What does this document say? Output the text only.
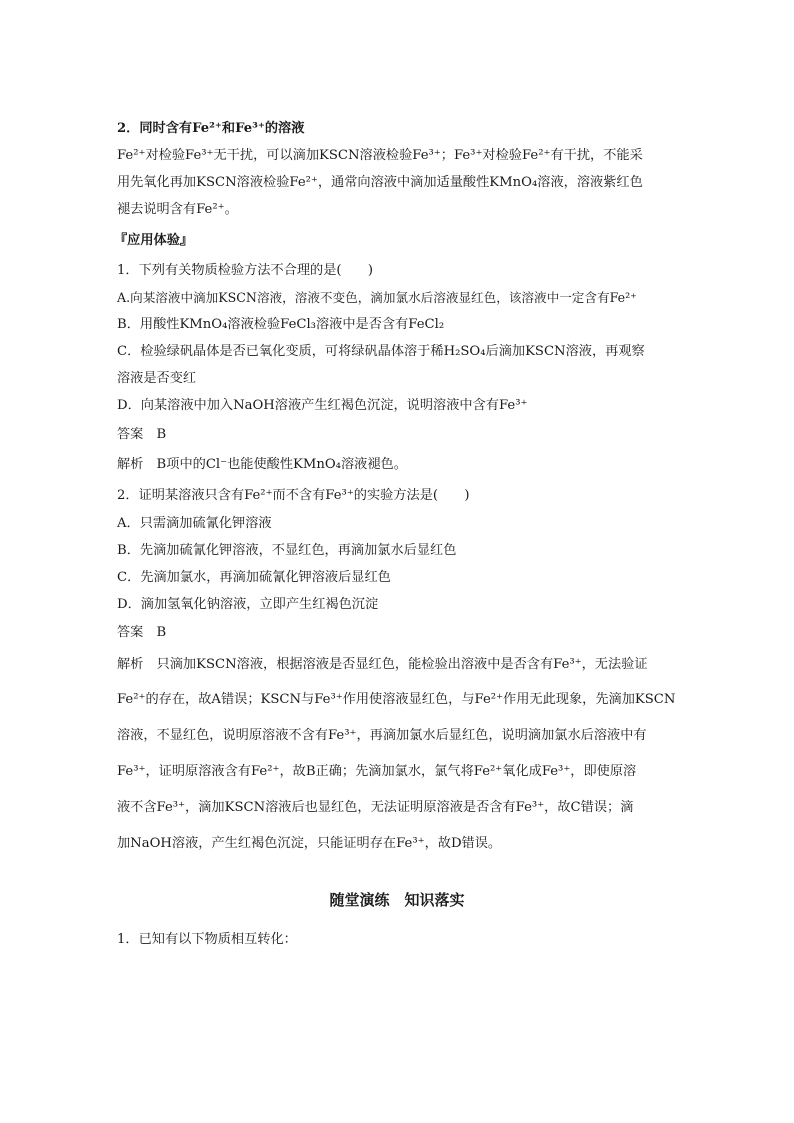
2．同时含有Fe²⁺和Fe³⁺的溶液
Fe²⁺对检验Fe³⁺无干扰，可以滴加KSCN溶液检验Fe³⁺；Fe³⁺对检验Fe²⁺有干扰，不能采
用先氧化再加KSCN溶液检验Fe²⁺，通常向溶液中滴加适量酸性KMnO₄溶液，溶液紫红色
褪去说明含有Fe²⁺。
『应用体验』
1．下列有关物质检验方法不合理的是(　　)
A.向某溶液中滴加KSCN溶液，溶液不变色，滴加氯水后溶液显红色，该溶液中一定含有Fe²⁺
B．用酸性KMnO₄溶液检验FeCl₃溶液中是否含有FeCl₂
C．检验绿矾晶体是否已氧化变质，可将绿矾晶体溶于稀H₂SO₄后滴加KSCN溶液，再观察
溶液是否变红
D．向某溶液中加入NaOH溶液产生红褐色沉淀，说明溶液中含有Fe³⁺
答案　B
解析　B项中的Cl⁻也能使酸性KMnO₄溶液褪色。
2．证明某溶液只含有Fe²⁺而不含有Fe³⁺的实验方法是(　　)
A．只需滴加硫氰化钾溶液
B．先滴加硫氰化钾溶液，不显红色，再滴加氯水后显红色
C．先滴加氯水，再滴加硫氰化钾溶液后显红色
D．滴加氢氧化钠溶液，立即产生红褐色沉淀
答案　B
解析　只滴加KSCN溶液，根据溶液是否显红色，能检验出溶液中是否含有Fe³⁺，无法验证
Fe²⁺的存在，故A错误；KSCN与Fe³⁺作用使溶液显红色，与Fe²⁺作用无此现象，先滴加KSCN
溶液，不显红色，说明原溶液不含有Fe³⁺，再滴加氯水后显红色，说明滴加氯水后溶液中有
Fe³⁺，证明原溶液含有Fe²⁺，故B正确；先滴加氯水，氯气将Fe²⁺氧化成Fe³⁺，即使原溶
液不含Fe³⁺，滴加KSCN溶液后也显红色，无法证明原溶液是否含有Fe³⁺，故C错误；滴
加NaOH溶液，产生红褐色沉淀，只能证明存在Fe³⁺，故D错误。
随堂演练　知识落实
1．已知有以下物质相互转化：
